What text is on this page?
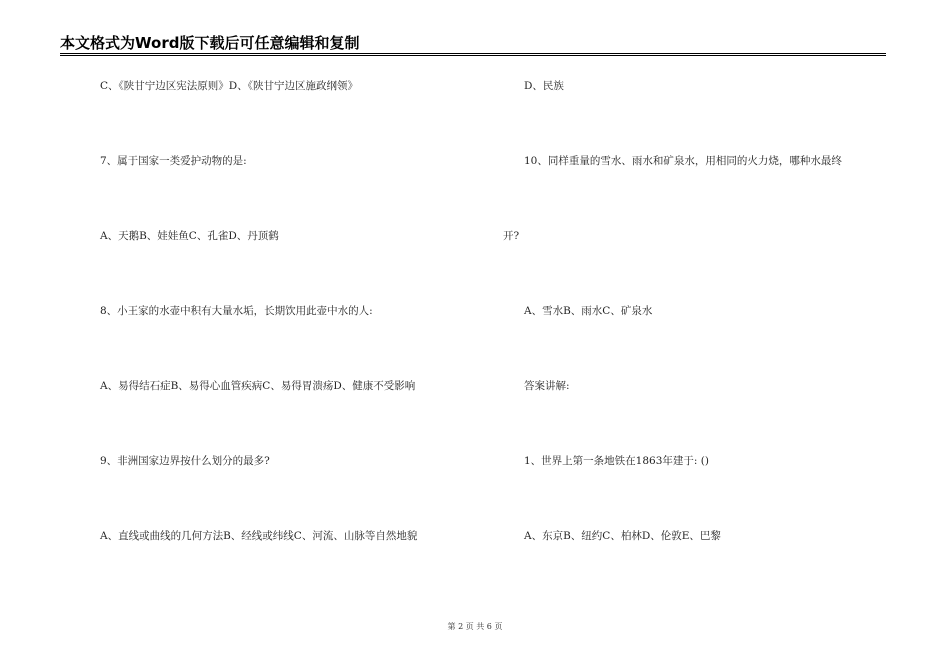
本文格式为Word版下载后可任意编辑和复制
C、《陕甘宁边区宪法原则》D、《陕甘宁边区施政纲领》
7、属于国家一类爱护动物的是:
A、天鹅B、娃娃鱼C、孔雀D、丹顶鹤
8、小王家的水壶中积有大量水垢，长期饮用此壶中水的人:
A、易得结石症B、易得心血管疾病C、易得胃溃疡D、健康不受影响
9、非洲国家边界按什么划分的最多?
A、直线或曲线的几何方法B、经线或纬线C、河流、山脉等自然地貌
D、民族
10、同样重量的雪水、雨水和矿泉水，用相同的火力烧，哪种水最终
开?
A、雪水B、雨水C、矿泉水
答案讲解:
1、世界上第一条地铁在1863年建于: ()
A、东京B、纽约C、柏林D、伦敦E、巴黎
第 2 页 共 6 页
